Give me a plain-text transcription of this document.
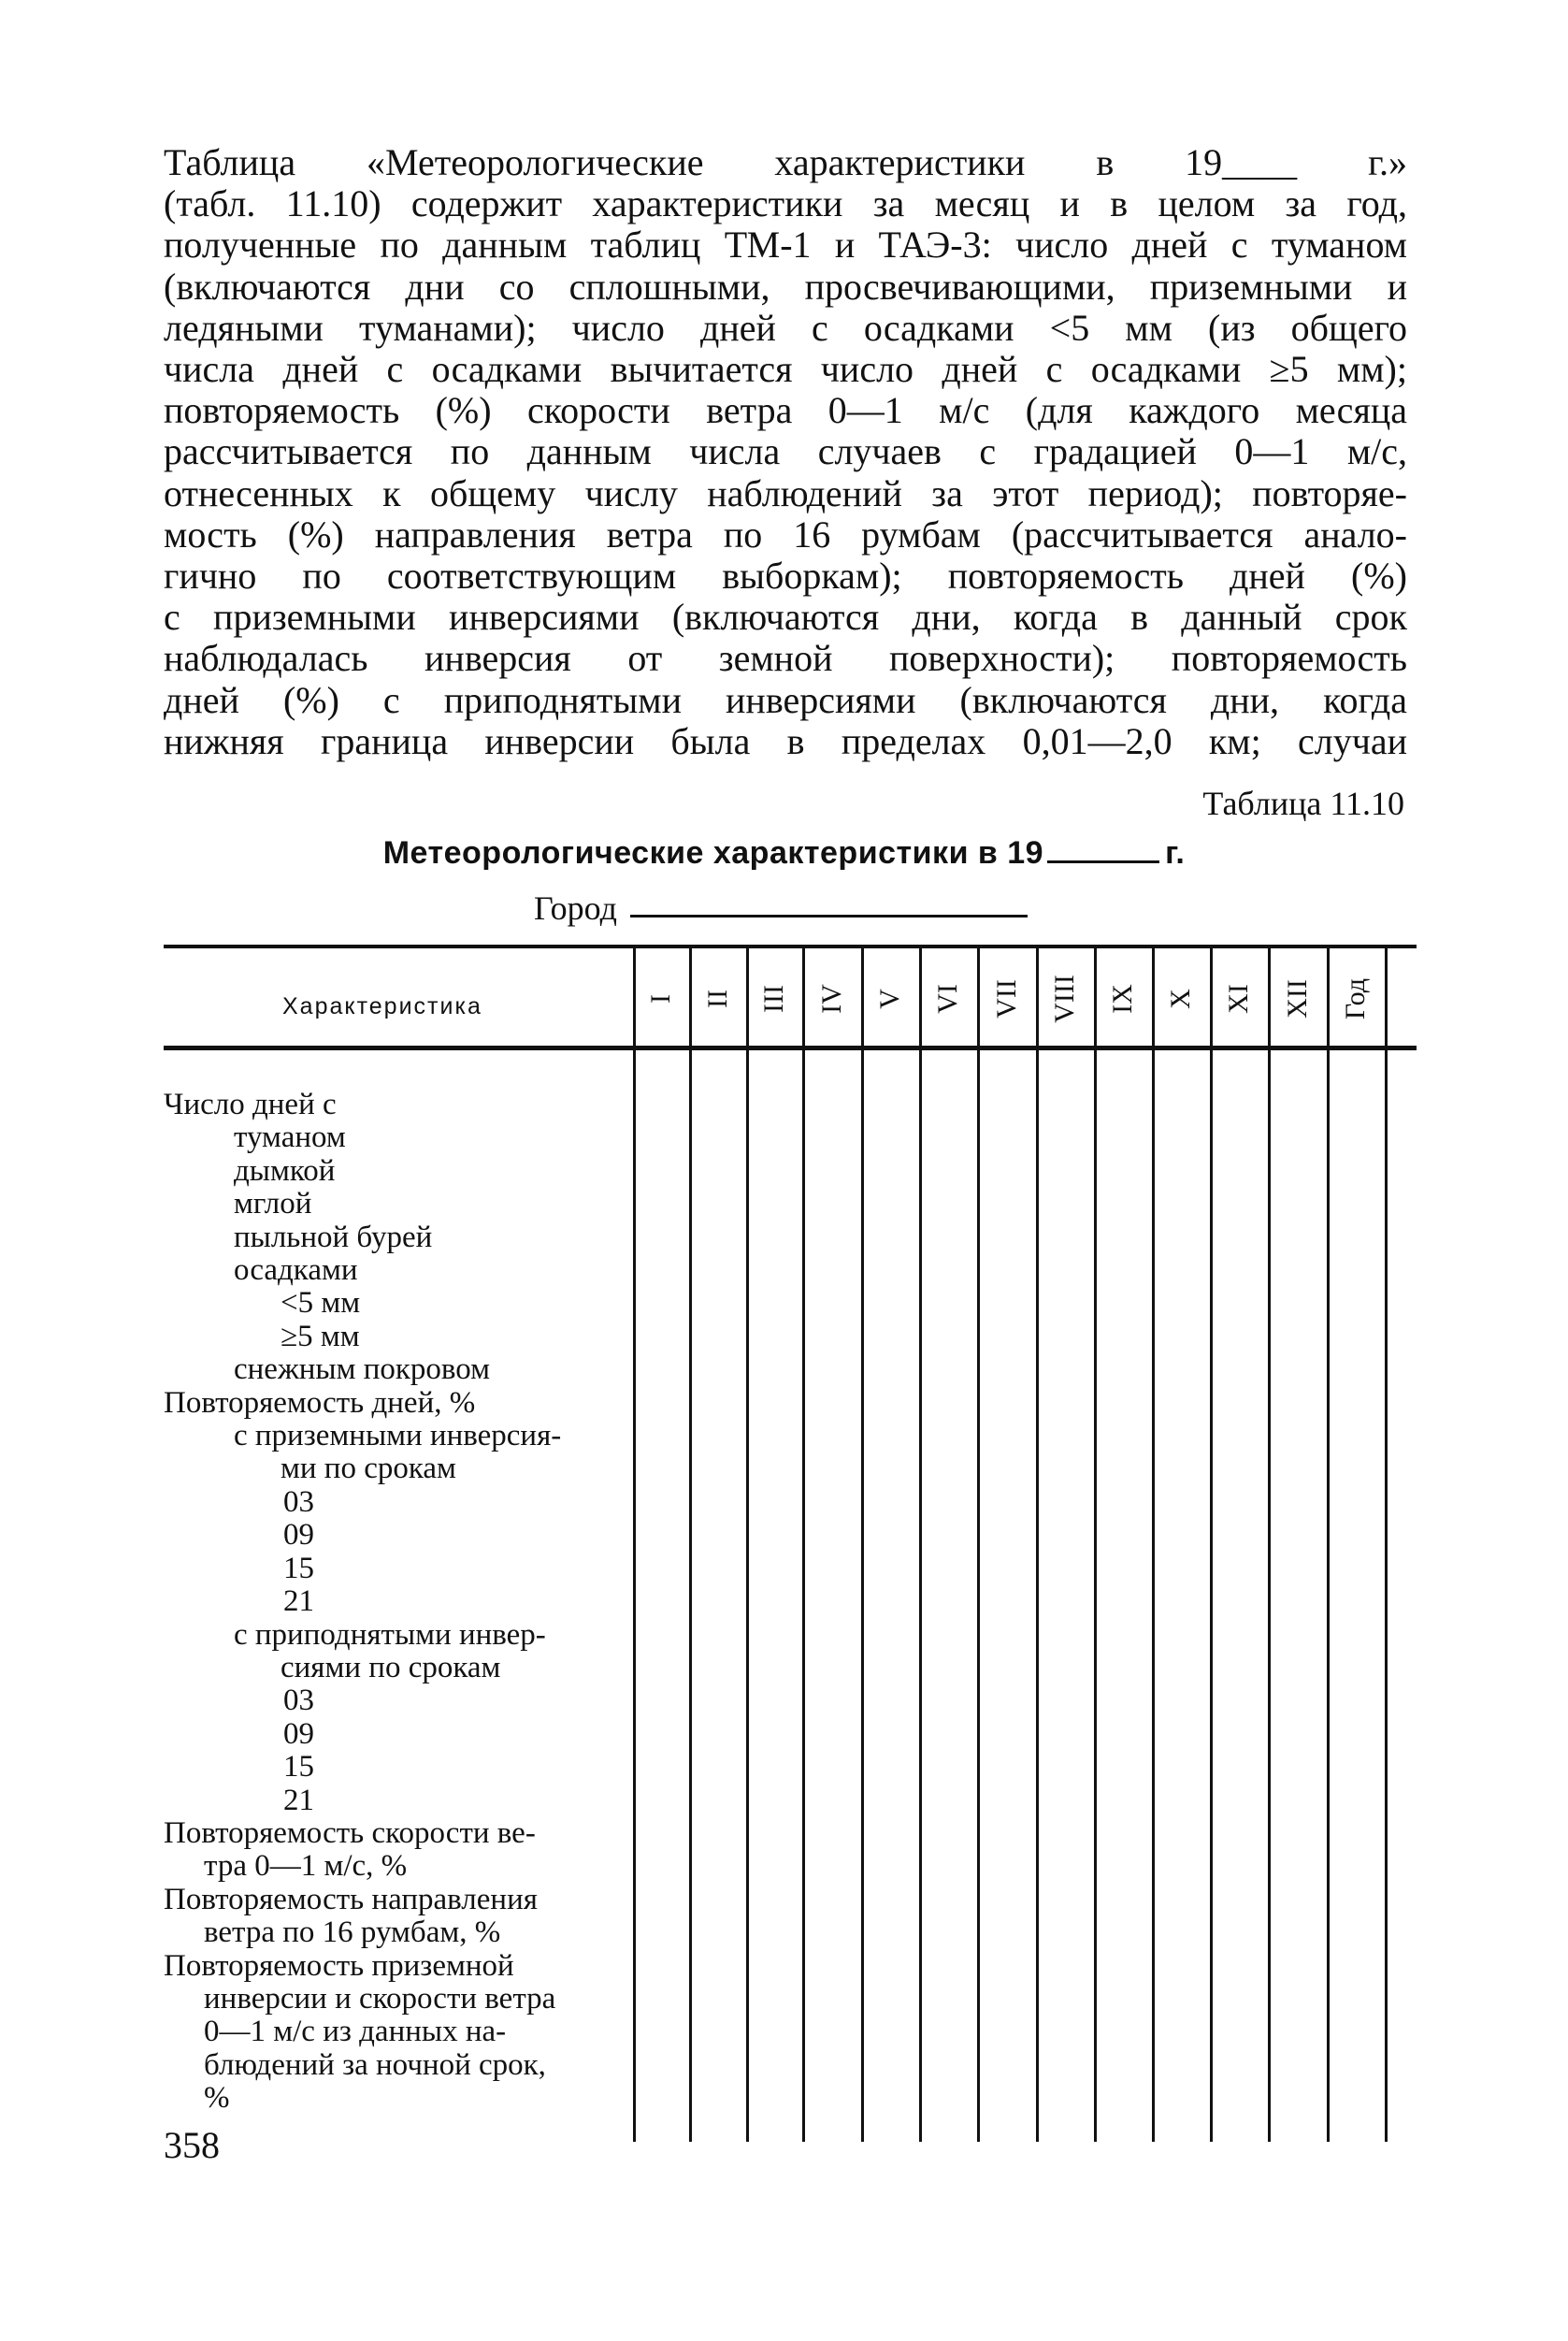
Таблица «Метеорологические характеристики в 19____ г.»
(табл. 11.10) содержит характеристики за месяц и в целом за год,
полученные по данным таблиц ТМ-1 и ТАЭ-3: число дней с туманом
(включаются дни со сплошными, просвечивающими, приземными и
ледяными туманами); число дней с осадками <5 мм (из общего
числа дней с осадками вычитается число дней с осадками ≥5 мм);
повторяемость (%) скорости ветра 0—1 м/с (для каждого месяца
рассчитывается по данным числа случаев с градацией 0—1 м/с,
отнесенных к общему числу наблюдений за этот период); повторяе-
мость (%) направления ветра по 16 румбам (рассчитывается анало-
гично по соответствующим выборкам); повторяемость дней (%)
с приземными инверсиями (включаются дни, когда в данный срок
наблюдалась инверсия от земной поверхности); повторяемость
дней (%) с приподнятыми инверсиями (включаются дни, когда
нижняя граница инверсии была в пределах 0,01—2,0 км; случаи
Таблица 11.10
Метеорологические характеристики в 19	г.
Город
I II III IV V VI VII VIII IX X XI XII Год
Характеристика
Число дней с
туманом
дымкой
мглой
пыльной бурей
осадками
<5 мм
≥5 мм
снежным покровом
Повторяемость дней, %
с приземными инверсия-
ми по срокам
03
09
15
21
с приподнятыми инвер-
сиями по срокам
03
09
15
21
Повторяемость скорости ве-
тра 0—1 м/с, %
Повторяемость направления
ветра по 16 румбам, %
Повторяемость приземной
инверсии и скорости ветра
0—1 м/с из данных на-
блюдений за ночной срок,
%
358
